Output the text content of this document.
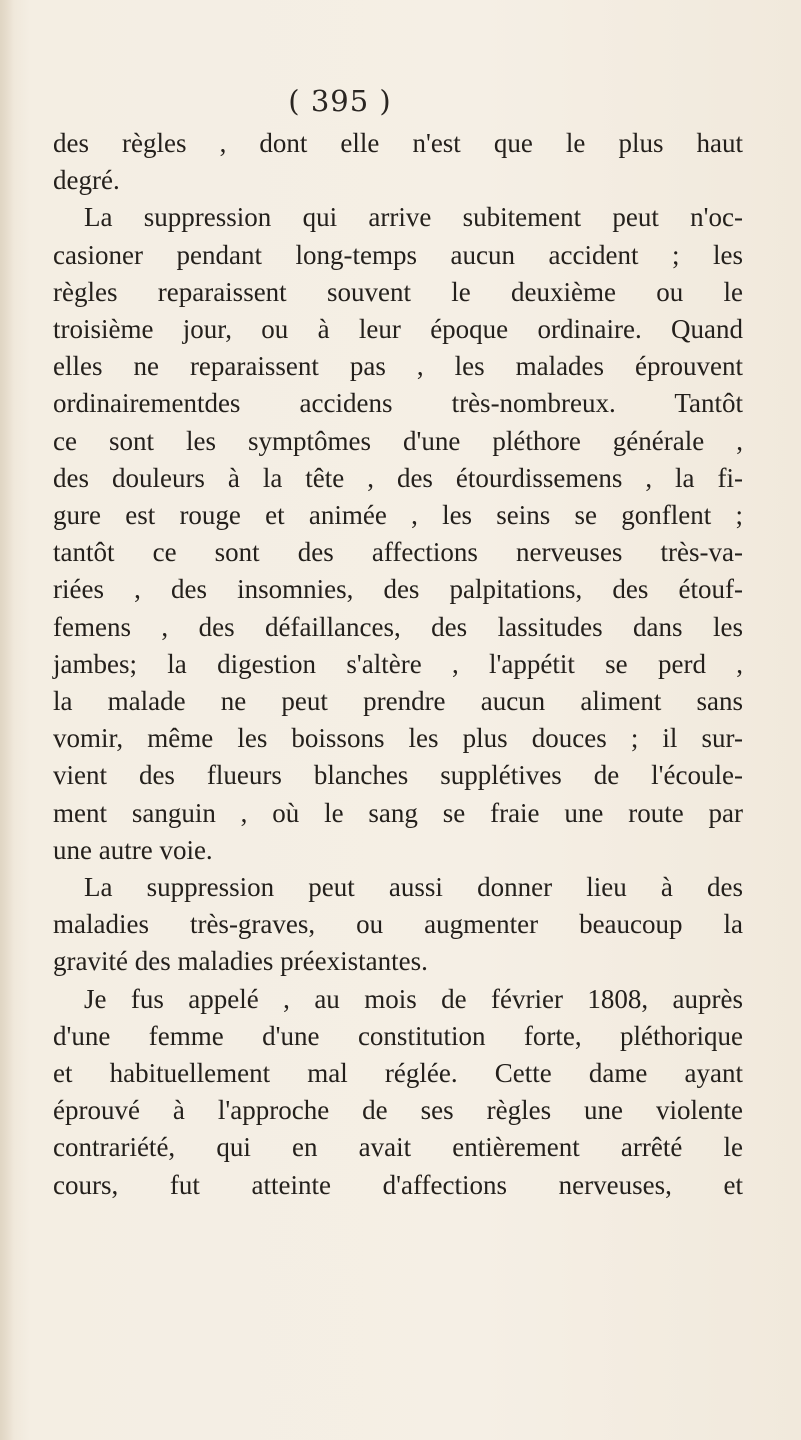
( 395 )
des règles , dont elle n'est que le plus haut
degré.
La suppression qui arrive subitement peut n'oc-
casioner pendant long-temps aucun accident ; les
règles reparaissent souvent le deuxième ou le
troisième jour, ou à leur époque ordinaire. Quand
elles ne reparaissent pas , les malades éprouvent
ordinairementdes accidens très-nombreux. Tantôt
ce sont les symptômes d'une pléthore générale ,
des douleurs à la tête , des étourdissemens , la fi-
gure est rouge et animée , les seins se gonflent ;
tantôt ce sont des affections nerveuses très-va-
riées , des insomnies, des palpitations, des étouf-
femens , des défaillances, des lassitudes dans les
jambes; la digestion s'altère , l'appétit se perd ,
la malade ne peut prendre aucun aliment sans
vomir, même les boissons les plus douces ; il sur-
vient des flueurs blanches supplétives de l'écoule-
ment sanguin , où le sang se fraie une route par
une autre voie.
La suppression peut aussi donner lieu à des
maladies très-graves, ou augmenter beaucoup la
gravité des maladies préexistantes.
Je fus appelé , au mois de février 1808, auprès
d'une femme d'une constitution forte, pléthorique
et habituellement mal réglée. Cette dame ayant
éprouvé à l'approche de ses règles une violente
contrariété, qui en avait entièrement arrêté le
cours, fut atteinte d'affections nerveuses, et
